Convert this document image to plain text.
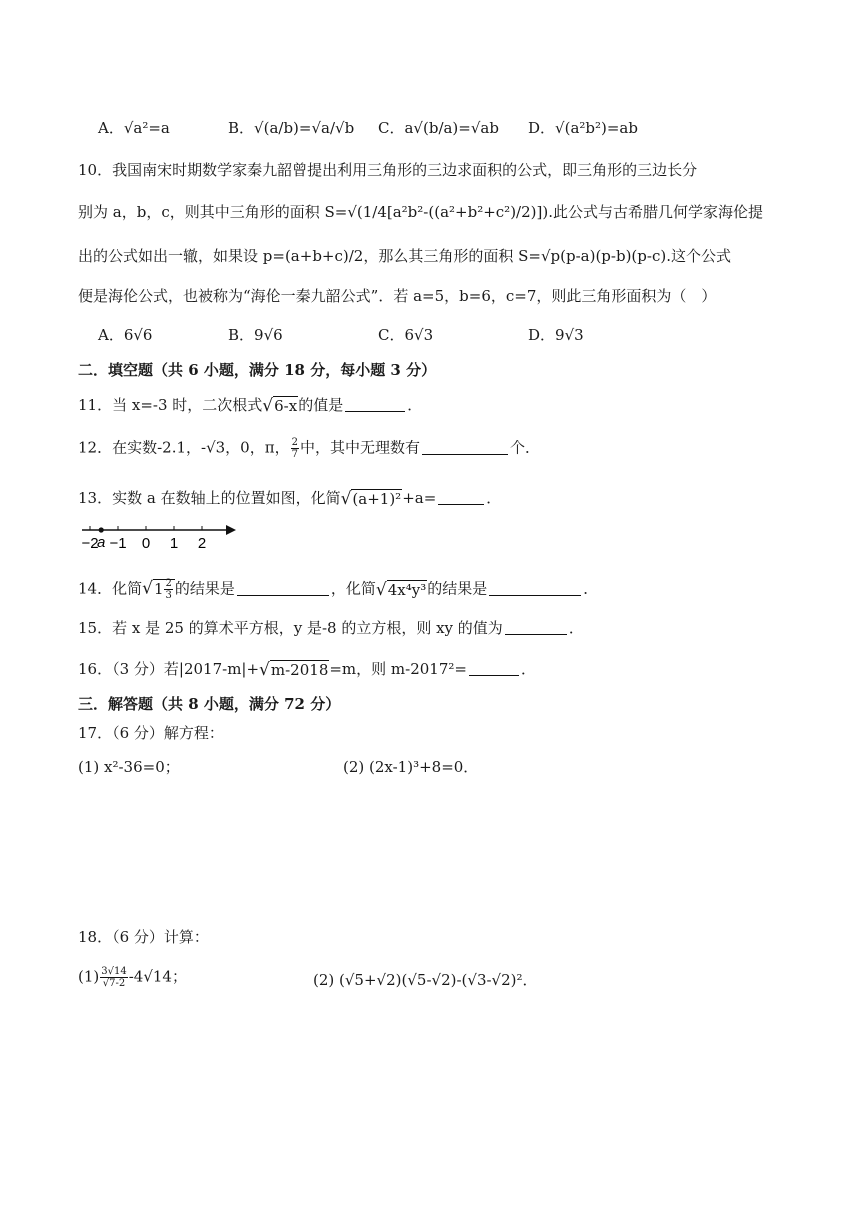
A．√a²=a	B．√(a/b)=√a/√b C．a√(b/a)=√ab D．√(a²b²)=ab
10．我国南宋时期数学家秦九韶曾提出利用三角形的三边求面积的公式，即三角形的三边长分
别为 a，b，c，则其中三角形的面积 S=√(1/4[a²b²-((a²+b²+c²)/2)]).此公式与古希腊几何学家海伦提
出的公式如出一辙，如果设 p=(a+b+c)/2，那么其三角形的面积 S=√p(p-a)(p-b)(p-c).这个公式
便是海伦公式，也被称为“海伦一秦九韶公式”．若 a=5，b=6，c=7，则此三角形面积为（　）
A．6√6	B．9√6	C．6√3	D．9√3
二．填空题（共 6 小题，满分 18 分，每小题 3 分）
11．当 x=-3 时，二次根式√6-x的值是	．
12．在实数-2.1，-√3，0，π， $\frac{2}{7}$ 中，其中无理数有	个．
13．实数 a 在数轴上的位置如图，化简√(a+1)²+a=	．
−2 −1 0 1 2
a
14．化简$√1 \frac{2}{3}$ 的结果是	，化简√4x⁴y³的结果是	．
15．若 x 是 25 的算术平方根，y 是-8 的立方根，则 xy 的值为	．
16．（3 分）若|2017-m|+√m-2018=m，则 m-2017²=	．
三．解答题（共 8 小题，满分 72 分）
17．（6 分）解方程：
(1) x²-36=0；	(2) (2x-1)³+8=0．
18．（6 分）计算：
$(1) \frac{3√14}{√7-2} -4√14$；	(2) (√5+√2)(√5-√2)-(√3-√2)²．
